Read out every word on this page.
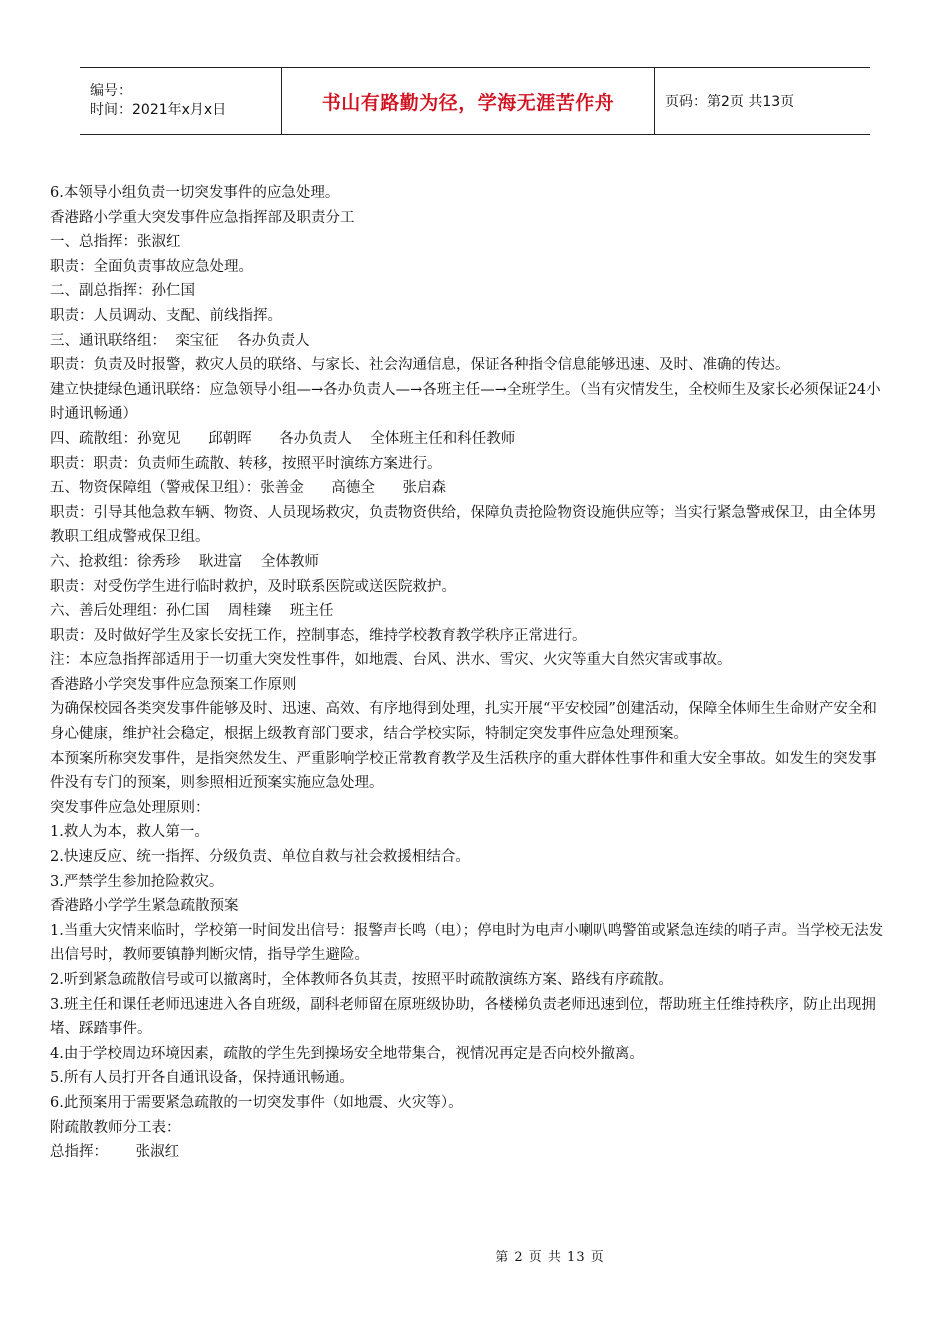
编号：
时间：2021年x月x日	书山有路勤为径，学海无涯苦作舟	页码：第2页 共13页

6.本领导小组负责一切突发事件的应急处理。

香港路小学重大突发事件应急指挥部及职责分工

一、总指挥：张淑红

职责：全面负责事故应急处理。

二、副总指挥：孙仁国

职责：人员调动、支配、前线指挥。

三、通讯联络组：  栾宝征    各办负责人

职责：负责及时报警，救灾人员的联络、与家长、社会沟通信息，保证各种指令信息能够迅速、及时、准确的传达。

建立快捷绿色通讯联络：应急领导小组—→各办负责人—→各班主任—→全班学生。（当有灾情发生，全校师生及家长必须保证24小时通讯畅通）

四、疏散组：孙宽见      邱朝晖      各办负责人    全体班主任和科任教师

职责：职责：负责师生疏散、转移，按照平时演练方案进行。

五、物资保障组（警戒保卫组）：张善金      高德全      张启森

职责：引导其他急救车辆、物资、人员现场救灾，负责物资供给，保障负责抢险物资设施供应等；当实行紧急警戒保卫，由全体男教职工组成警戒保卫组。

六、抢救组：徐秀珍    耿进富    全体教师

职责：对受伤学生进行临时救护，及时联系医院或送医院救护。

六、善后处理组：孙仁国    周桂臻    班主任

职责：及时做好学生及家长安抚工作，控制事态，维持学校教育教学秩序正常进行。

注：本应急指挥部适用于一切重大突发性事件，如地震、台风、洪水、雪灾、火灾等重大自然灾害或事故。

香港路小学突发事件应急预案工作原则

为确保校园各类突发事件能够及时、迅速、高效、有序地得到处理，扎实开展“平安校园”创建活动，保障全体师生生命财产安全和身心健康，维护社会稳定，根据上级教育部门要求，结合学校实际，特制定突发事件应急处理预案。

本预案所称突发事件，是指突然发生、严重影响学校正常教育教学及生活秩序的重大群体性事件和重大安全事故。如发生的突发事件没有专门的预案，则参照相近预案实施应急处理。

突发事件应急处理原则：

1.救人为本，救人第一。

2.快速反应、统一指挥、分级负责、单位自救与社会救援相结合。

3.严禁学生参加抢险救灾。

香港路小学学生紧急疏散预案

1.当重大灾情来临时，学校第一时间发出信号：报警声长鸣（电）；停电时为电声小喇叭鸣警笛或紧急连续的哨子声。当学校无法发出信号时，教师要镇静判断灾情，指导学生避险。

2.听到紧急疏散信号或可以撤离时，全体教师各负其责，按照平时疏散演练方案、路线有序疏散。

3.班主任和课任老师迅速进入各自班级，副科老师留在原班级协助，各楼梯负责老师迅速到位，帮助班主任维持秩序，防止出现拥堵、踩踏事件。

4.由于学校周边环境因素，疏散的学生先到操场安全地带集合，视情况再定是否向校外撤离。

5.所有人员打开各自通讯设备，保持通讯畅通。

6.此预案用于需要紧急疏散的一切突发事件（如地震、火灾等）。

附疏散教师分工表：

总指挥：      张淑红

第 2 页 共 13 页
